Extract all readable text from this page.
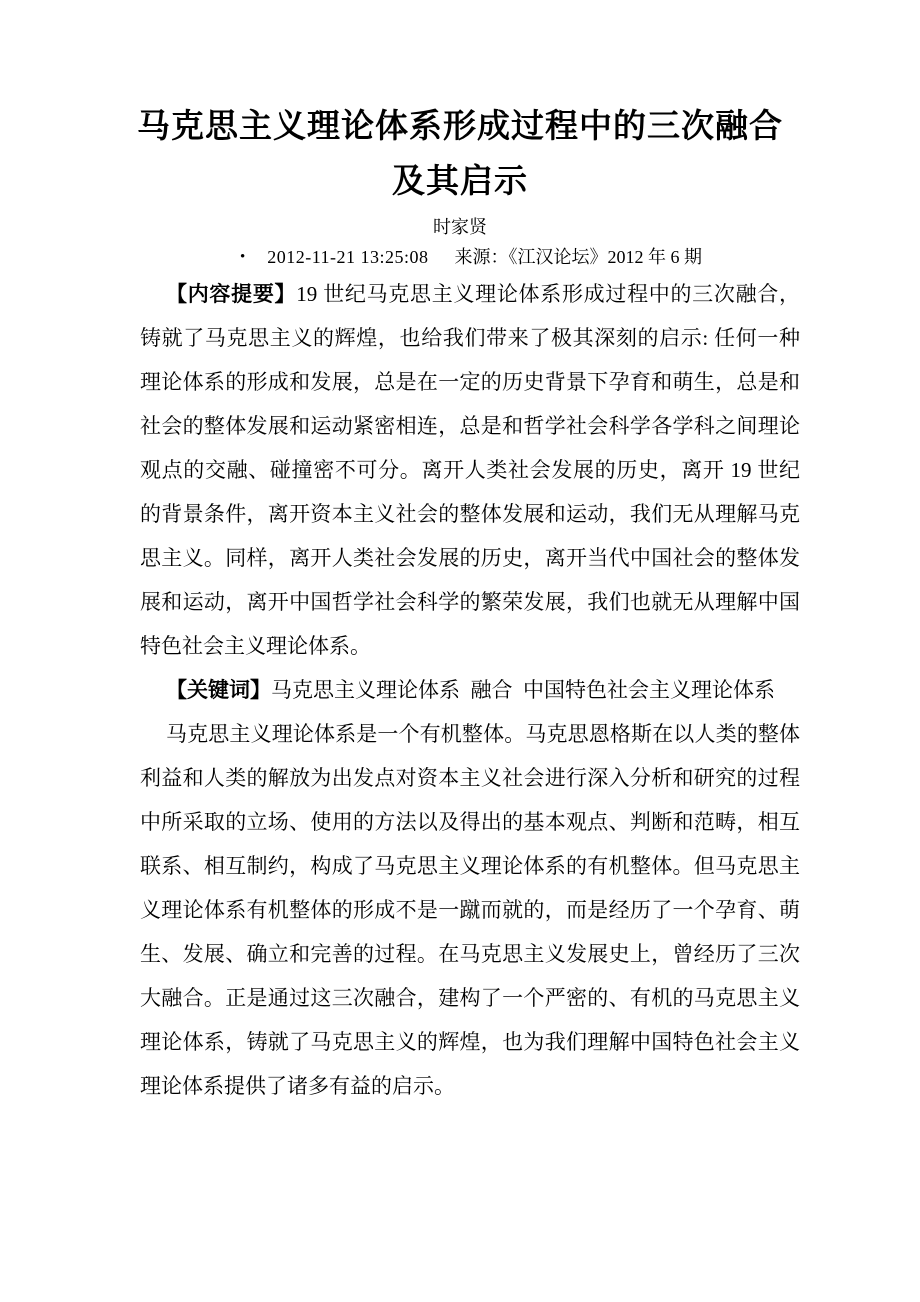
马克思主义理论体系形成过程中的三次融合
及其启示
时家贤
• 2012-11-21 13:25:08 来源：《江汉论坛》2012 年 6 期

【内容提要】19 世纪马克思主义理论体系形成过程中的三次融合，铸就了马克思主义的辉煌，也给我们带来了极其深刻的启示: 任何一种理论体系的形成和发展，总是在一定的历史背景下孕育和萌生，总是和社会的整体发展和运动紧密相连，总是和哲学社会科学各学科之间理论观点的交融、碰撞密不可分。离开人类社会发展的历史，离开 19 世纪的背景条件，离开资本主义社会的整体发展和运动，我们无从理解马克思主义。同样，离开人类社会发展的历史，离开当代中国社会的整体发展和运动，离开中国哲学社会科学的繁荣发展，我们也就无从理解中国特色社会主义理论体系。

【关键词】马克思主义理论体系  融合  中国特色社会主义理论体系

马克思主义理论体系是一个有机整体。马克思恩格斯在以人类的整体利益和人类的解放为出发点对资本主义社会进行深入分析和研究的过程中所采取的立场、使用的方法以及得出的基本观点、判断和范畴，相互联系、相互制约，构成了马克思主义理论体系的有机整体。但马克思主义理论体系有机整体的形成不是一蹴而就的，而是经历了一个孕育、萌生、发展、确立和完善的过程。在马克思主义发展史上，曾经历了三次大融合。正是通过这三次融合，建构了一个严密的、有机的马克思主义理论体系，铸就了马克思主义的辉煌，也为我们理解中国特色社会主义理论体系提供了诸多有益的启示。
